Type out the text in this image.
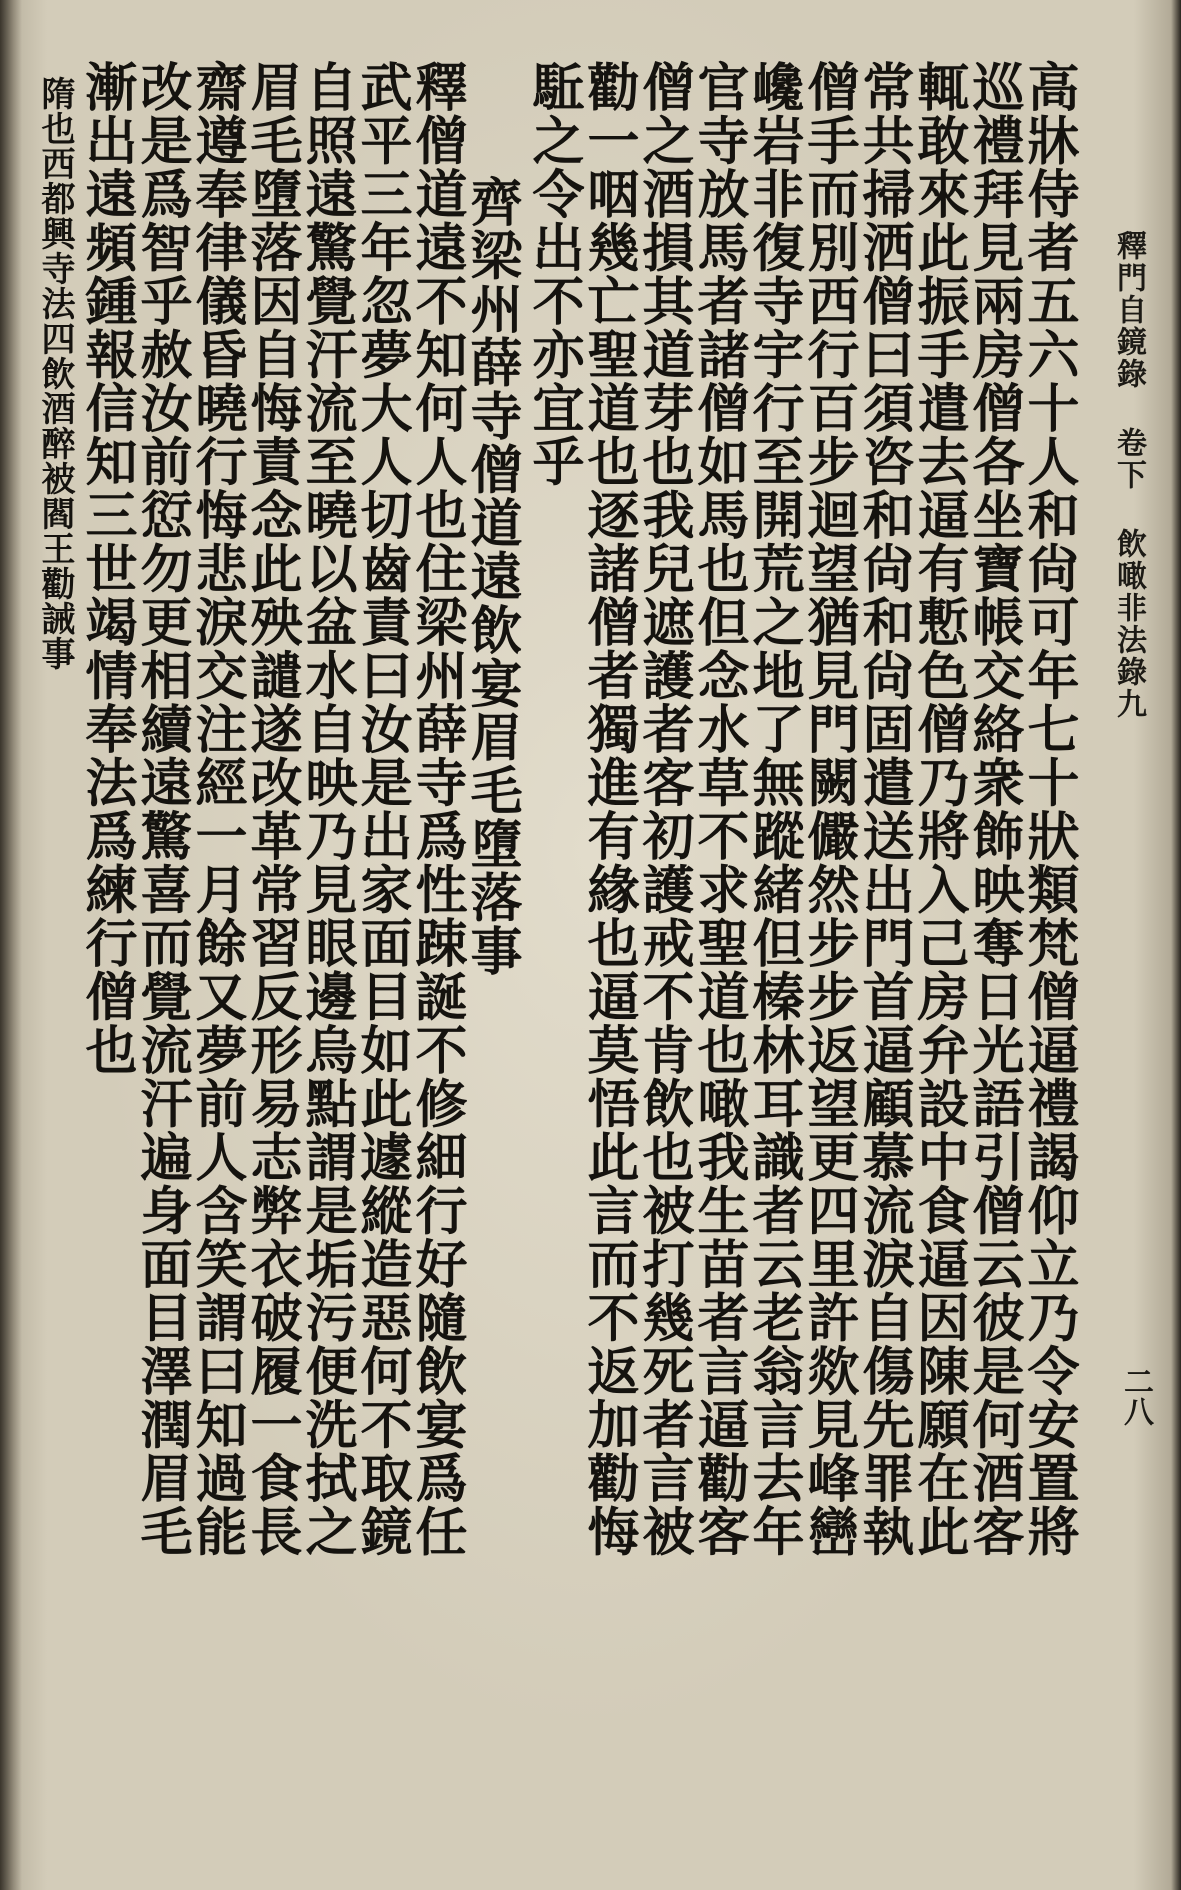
釋門自鏡錄 卷下 飲噉非法錄九
二八
高牀侍者五六十人和尙可年七十狀類梵僧逼禮謁仰立乃令安置將
巡禮拜見兩房僧各坐寶帳交絡衆飾映奪日光語引僧云彼是何酒客
輒敢來此振手遣去逼有慙色僧乃將入己房弁設中食逼因陳願在此
常共掃洒僧曰須咨和尙和尙固遣送出門首逼顧慕流淚自傷先罪執
僧手而別西行百步迴望猶見門闕儼然步步返望更四里許欻見峰巒
巉岩非復寺宇行至開荒之地了無蹤緒但榛林耳識者云老翁言去年
官寺放馬者諸僧如馬也但念水草不求聖道也噉我生苗者言逼勸客
僧之酒損其道芽也我兒遮護者客初護戒不肯飲也被打幾死者言被
勸一咽幾亡聖道也逐諸僧者獨進有緣也逼莫悟此言而不返加勸悔
駈之令出不亦宜乎
齊梁州薛寺僧道遠飲宴眉毛墮落事
釋僧道遠不知何人也住梁州薛寺爲性踈誕不修細行好隨飲宴爲任
武平三年忽夢大人切齒責曰汝是出家面目如此遽縱造惡何不取鏡
自照遠驚覺汗流至曉以盆水自映乃見眼邊烏點謂是垢污便洗拭之
眉毛墮落因自悔責念此殃譴遂改革常習反形易志弊衣破履一食長
齋遵奉律儀昏曉行悔悲淚交注經一月餘又夢前人含笑謂曰知過能
改是爲智乎赦汝前愆勿更相續遠驚喜而覺流汗遍身面目澤潤眉毛
漸出遠頻鍾報信知三世竭情奉法爲練行僧也
隋也西都興寺法四飲酒醉被閻王勸誡事
